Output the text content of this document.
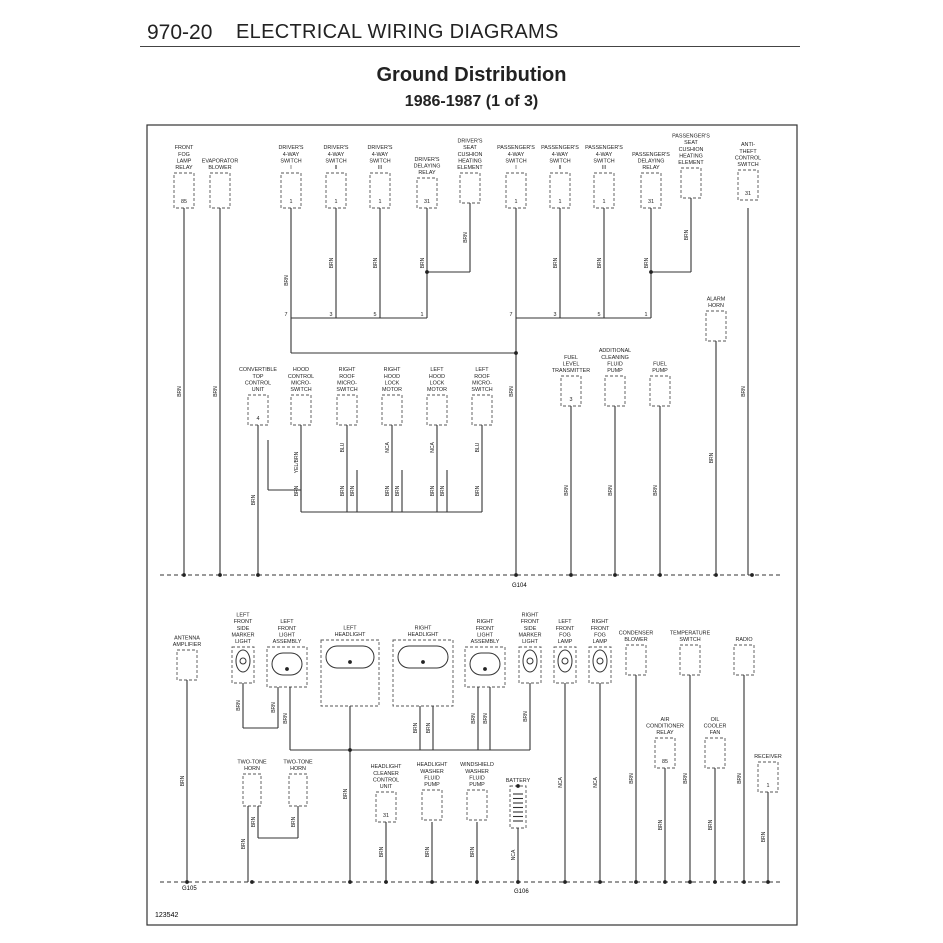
970-20 ELECTRICAL WIRING DIAGRAMS
Ground Distribution
1986-1987 (1 of 3)
123542
G104
G105	G106
FRONT
FOG
LAMP
RELAY
85
EVAPORATOR
BLOWER
DRIVER'S
4-WAY
SWITCH
I
1
DRIVER'S
4-WAY
SWITCH
II
1
DRIVER'S
4-WAY
SWITCH
III
1
DRIVER'S
DELAYING
RELAY
31
DRIVER'S
SEAT
CUSHION
HEATING
ELEMENT
PASSENGER'S
4-WAY
SWITCH
I
1
PASSENGER'S
4-WAY
SWITCH
II
1
PASSENGER'S
4-WAY
SWITCH
III
1
PASSENGER'S
DELAYING
RELAY
31
PASSENGER'S
SEAT
CUSHION
HEATING
ELEMENT
ANTI-
THEFT
CONTROL
SWITCH
31
ALARM
HORN
CONVERTIBLE
TOP
CONTROL
UNIT
4
HOOD
CONTROL
MICRO-
SWITCH
RIGHT
ROOF
MICRO-
SWITCH
RIGHT
HOOD
LOCK
MOTOR
LEFT
HOOD
LOCK
MOTOR
LEFT
ROOF
MICRO-
SWITCH
FUEL
LEVEL
TRANSMITTER
3
ADDITIONAL
CLEANING
FLUID
PUMP
FUEL
PUMP
ANTENNA
AMPLIFIER
LEFT
FRONT
SIDE
MARKER
LIGHT
LEFT
FRONT
LIGHT
ASSEMBLY
LEFT
HEADLIGHT
RIGHT
HEADLIGHT
RIGHT
FRONT
LIGHT
ASSEMBLY
RIGHT
FRONT
SIDE
MARKER
LIGHT
LEFT
FRONT
FOG
LAMP
RIGHT
FRONT
FOG
LAMP
CONDENSER
BLOWER
TEMPERATURE
SWITCH	RADIO
AIR
CONDITIONER
RELAY
85
OIL
COOLER
FAN
RECEIVER
1
TWO-TONE
HORN
TWO-TONE
HORN	HEADLIGHT
CLEANER
CONTROL
UNIT
31
HEADLIGHT
WASHER
FLUID
PUMP
WINDSHIELD
WASHER
FLUID
PUMP
BATTERY
BRN	BRN	BRN	BRN
BRN
BRN	BRN	BRN
BRN
BRN	BRN	BRN
BRN
7	3	5	1	7	3	5	1
BRN
BRN	BRN	BRN
BRN
YEL/BRN
BLU	NCA	NCA	BLU
BRN	BRN BRN	BRN BRN	BRN BRN	BRN
BRN
BRN	BRN
BRN
BRN
BRN BRN
BRN BRN	BRN
NCA	NCA	BRN	BRN	BRN
BRN	BRN
BRN
BRN
BRN	BRN
BRN	BRN	BRN	NCA
